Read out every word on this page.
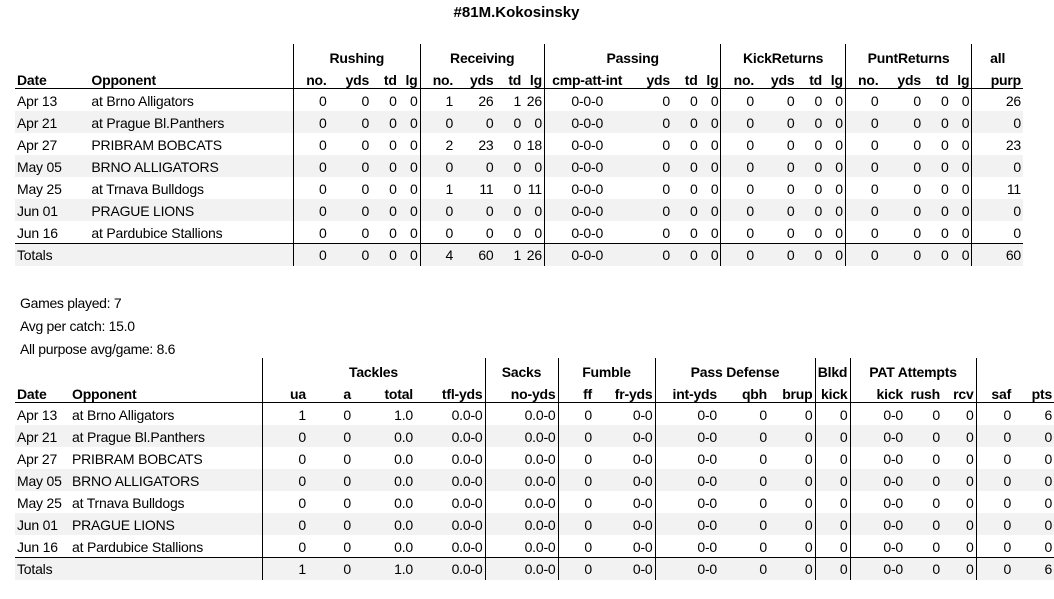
#81M.Kokosinsky
		Rushing				Receiving				Passing				KickReturns				PuntReturns				all
Date	Opponent	no.	yds	td	lg	no.	yds	td	lg	cmp-att-int	yds	td	lg	no.	yds	td	lg	no.	yds	td	lg	purp
Apr 13	at Brno Alligators	0	0	0	0	1	26	1	26	0-0-0	0	0	0	0	0	0	0	0	0	0	0	26
Apr 21	at Prague Bl.Panthers	0	0	0	0	0	0	0	0	0-0-0	0	0	0	0	0	0	0	0	0	0	0	0
Apr 27	PRIBRAM BOBCATS	0	0	0	0	2	23	0	18	0-0-0	0	0	0	0	0	0	0	0	0	0	0	23
May 05	BRNO ALLIGATORS	0	0	0	0	0	0	0	0	0-0-0	0	0	0	0	0	0	0	0	0	0	0	0
May 25	at Trnava Bulldogs	0	0	0	0	1	11	0	11	0-0-0	0	0	0	0	0	0	0	0	0	0	0	11
Jun 01	PRAGUE LIONS	0	0	0	0	0	0	0	0	0-0-0	0	0	0	0	0	0	0	0	0	0	0	0
Jun 16	at Pardubice Stallions	0	0	0	0	0	0	0	0	0-0-0	0	0	0	0	0	0	0	0	0	0	0	0
Totals		0	0	0	0	4	60	1	26	0-0-0	0	0	0	0	0	0	0	0	0	0	0	60
Games played: 7
Avg per catch: 15.0
All purpose avg/game: 8.6
		Tackles				Sacks	Fumble		Pass Defense			Blkd	PAT Attempts				
Date	Opponent	ua	a	total	tfl-yds	no-yds	ff	fr-yds	int-yds	qbh	brup	kick	kick	rush	rcv	saf	pts
Apr 13	at Brno Alligators	1	0	1.0	0.0-0	0.0-0	0	0-0	0-0	0	0	0	0-0	0	0	0	6
Apr 21	at Prague Bl.Panthers	0	0	0.0	0.0-0	0.0-0	0	0-0	0-0	0	0	0	0-0	0	0	0	0
Apr 27	PRIBRAM BOBCATS	0	0	0.0	0.0-0	0.0-0	0	0-0	0-0	0	0	0	0-0	0	0	0	0
May 05	BRNO ALLIGATORS	0	0	0.0	0.0-0	0.0-0	0	0-0	0-0	0	0	0	0-0	0	0	0	0
May 25	at Trnava Bulldogs	0	0	0.0	0.0-0	0.0-0	0	0-0	0-0	0	0	0	0-0	0	0	0	0
Jun 01	PRAGUE LIONS	0	0	0.0	0.0-0	0.0-0	0	0-0	0-0	0	0	0	0-0	0	0	0	0
Jun 16	at Pardubice Stallions	0	0	0.0	0.0-0	0.0-0	0	0-0	0-0	0	0	0	0-0	0	0	0	0
Totals		1	0	1.0	0.0-0	0.0-0	0	0-0	0-0	0	0	0	0-0	0	0	0	6
